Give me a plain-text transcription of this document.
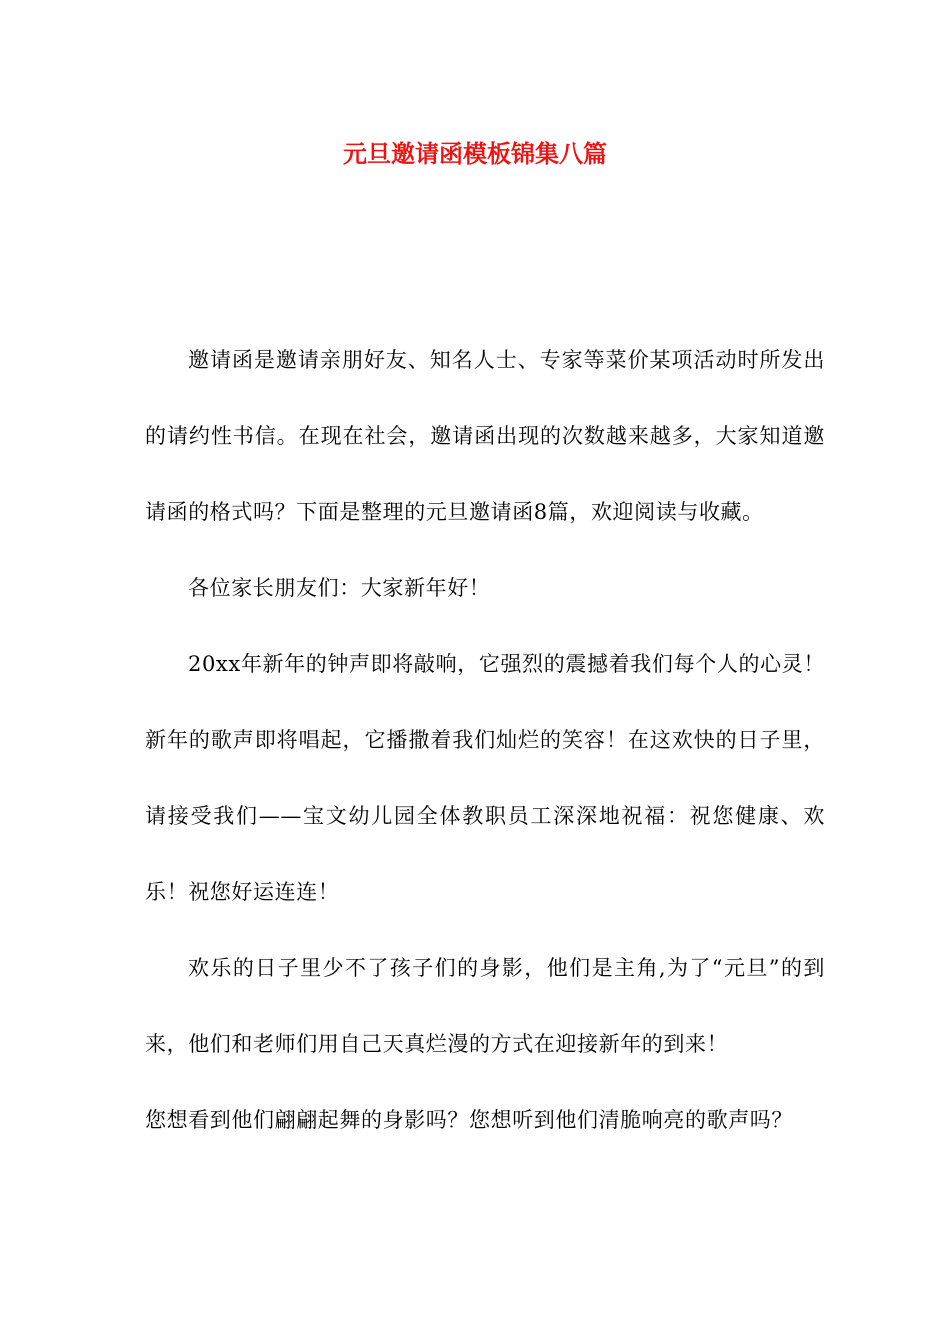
元旦邀请函模板锦集八篇

邀请函是邀请亲朋好友、知名人士、专家等菜价某项活动时所发出的请约性书信。在现在社会，邀请函出现的次数越来越多，大家知道邀请函的格式吗？下面是整理的元旦邀请函8篇，欢迎阅读与收藏。

各位家长朋友们：大家新年好！

20xx年新年的钟声即将敲响，它强烈的震撼着我们每个人的心灵！新年的歌声即将唱起，它播撒着我们灿烂的笑容！在这欢快的日子里，请接受我们——宝文幼儿园全体教职员工深深地祝福：祝您健康、欢乐！祝您好运连连！

欢乐的日子里少不了孩子们的身影，他们是主角,为了“元旦”的到来，他们和老师们用自己天真烂漫的方式在迎接新年的到来！

您想看到他们翩翩起舞的身影吗？您想听到他们清脆响亮的歌声吗？
